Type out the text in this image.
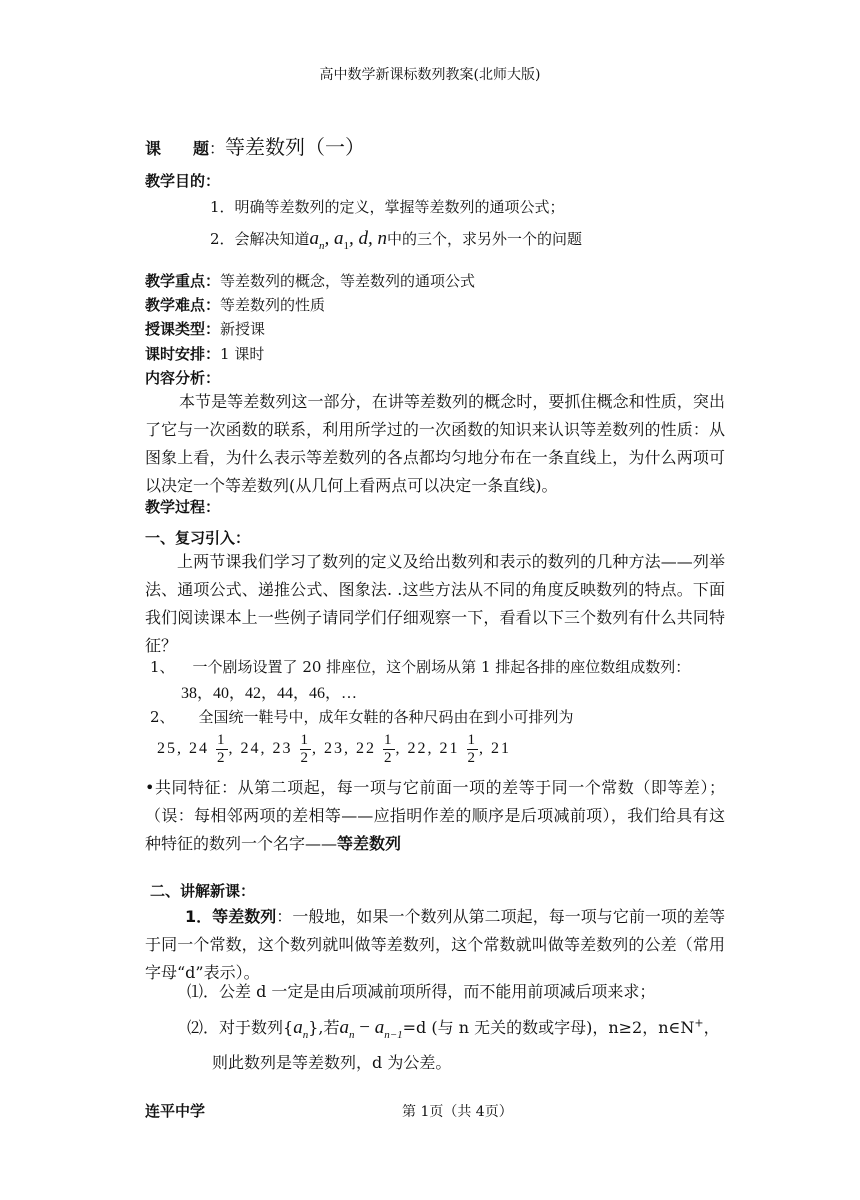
高中数学新课标数列教案(北师大版)
课　　题：等差数列（一）
教学目的：
1．明确等差数列的定义，掌握等差数列的通项公式；
2．会解决知道$a_n$, $a_1$, d, n中的三个，求另外一个的问题
教学重点：等差数列的概念，等差数列的通项公式
教学难点：等差数列的性质
授课类型：新授课
课时安排：1 课时
内容分析：
本节是等差数列这一部分，在讲等差数列的概念时，要抓住概念和性质，突出了它与一次函数的联系，利用所学过的一次函数的知识来认识等差数列的性质：从图象上看，为什么表示等差数列的各点都均匀地分布在一条直线上，为什么两项可以决定一个等差数列(从几何上看两点可以决定一条直线)。
教学过程：
一、复习引入：
上两节课我们学习了数列的定义及给出数列和表示的数列的几种方法——列举法、通项公式、递推公式、图象法. .这些方法从不同的角度反映数列的特点。下面我们阅读课本上一些例子请同学们仔细观察一下，看看以下三个数列有什么共同特征？
1、 一个剧场设置了 20 排座位，这个剧场从第 1 排起各排的座位数组成数列：
38，40，42，44，46，…
2、 全国统一鞋号中，成年女鞋的各种尺码由在到小可排列为
25, $24 \frac{1}{2}$ , 24, $23 \frac{1}{2}$ , 23, $22 \frac{1}{2}$ , 22, $21 \frac{1}{2}$ , 21
•共同特征：从第二项起，每一项与它前面一项的差等于同一个常数（即等差）；（误：每相邻两项的差相等——应指明作差的顺序是后项减前项），我们给具有这种特征的数列一个名字——等差数列
二、讲解新课：
1．等差数列：一般地，如果一个数列从第二项起，每一项与它前一项的差等于同一个常数，这个数列就叫做等差数列，这个常数就叫做等差数列的公差（常用字母“d”表示）。
⑴．公差 d 一定是由后项减前项所得，而不能用前项减后项来求；
⑵．对于数列$\{a_n\}$,若$a_n - a_{n-1}=d$ (与 n 无关的数或字母)，n≥2，n∈N+，
则此数列是等差数列，d 为公差。
连平中学	第 1页（共 4页）
